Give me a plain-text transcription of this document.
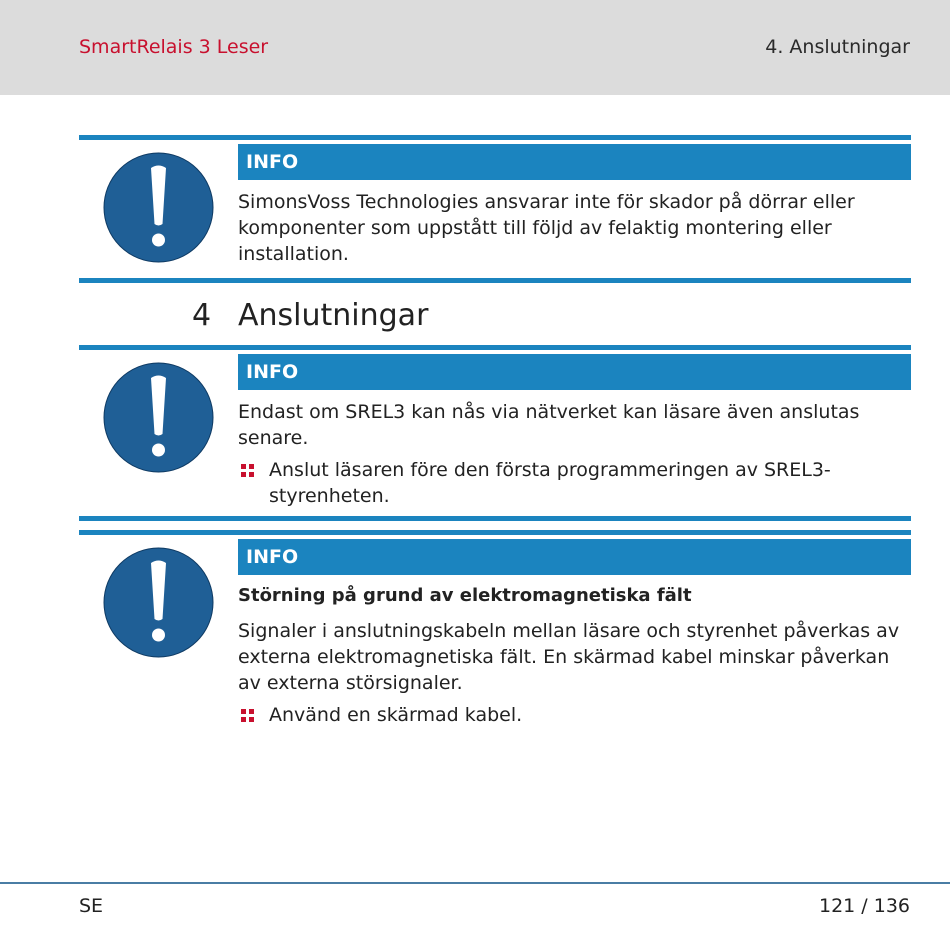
SmartRelais 3 Leser	4. Anslutningar
INFO
SimonsVoss Technologies ansvarar inte för skador på dörrar eller komponenter som uppstått till följd av felaktig montering eller installation.
4 Anslutningar
INFO
Endast om SREL3 kan nås via nätverket kan läsare även anslutas senare.
Anslut läsaren före den första programmeringen av SREL3-styrenheten.
INFO
Störning på grund av elektromagnetiska fält
Signaler i anslutningskabeln mellan läsare och styrenhet påverkas av externa elektromagnetiska fält. En skärmad kabel minskar påverkan av externa störsignaler.
Använd en skärmad kabel.
SE	121 / 136
